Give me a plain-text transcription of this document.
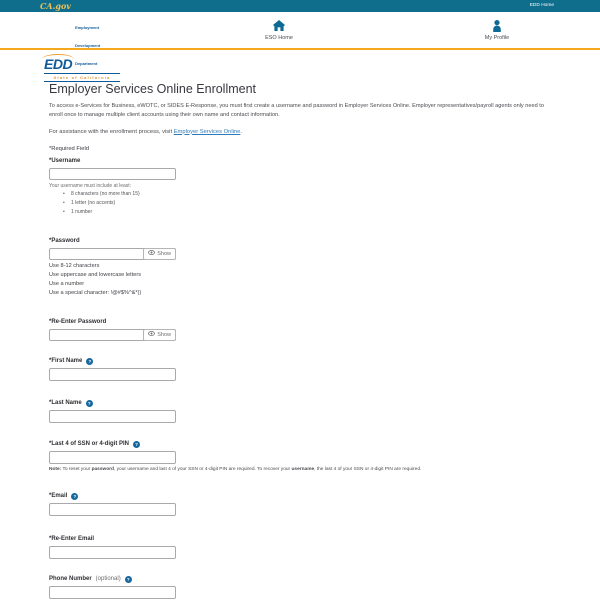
CA.gov	EDD Home
EDD
Employment Development Department
State of California
ESO Home	My Profile
Employer Services Online Enrollment

To access e-Services for Business, eWOTC, or SIDES E-Response, you must first create a username and password in Employer Services Online. Employer representatives/payroll agents only need to enroll once to manage multiple client accounts using their own name and contact information.

For assistance with the enrollment process, visit Employer Services Online.

*Required Field
*Username
Your username must include at least:
• 8 characters (no more than 15)
• 1 letter (no accents)
• 1 number
*Password
Show
Use 8-12 characters
Use uppercase and lowercase letters
Use a number
Use a special character: !@#$%^&*()
*Re-Enter Password
Show
*First Name	?
*Last Name	?
*Last 4 of SSN or 4-digit PIN	?
Note: To reset your password, your username and last 4 of your SSN or 4-digit PIN are required. To recover your username, the last 4 of your SSN or 4-digit PIN are required.
*Email	?
*Re-Enter Email
Phone Number (optional)	?
